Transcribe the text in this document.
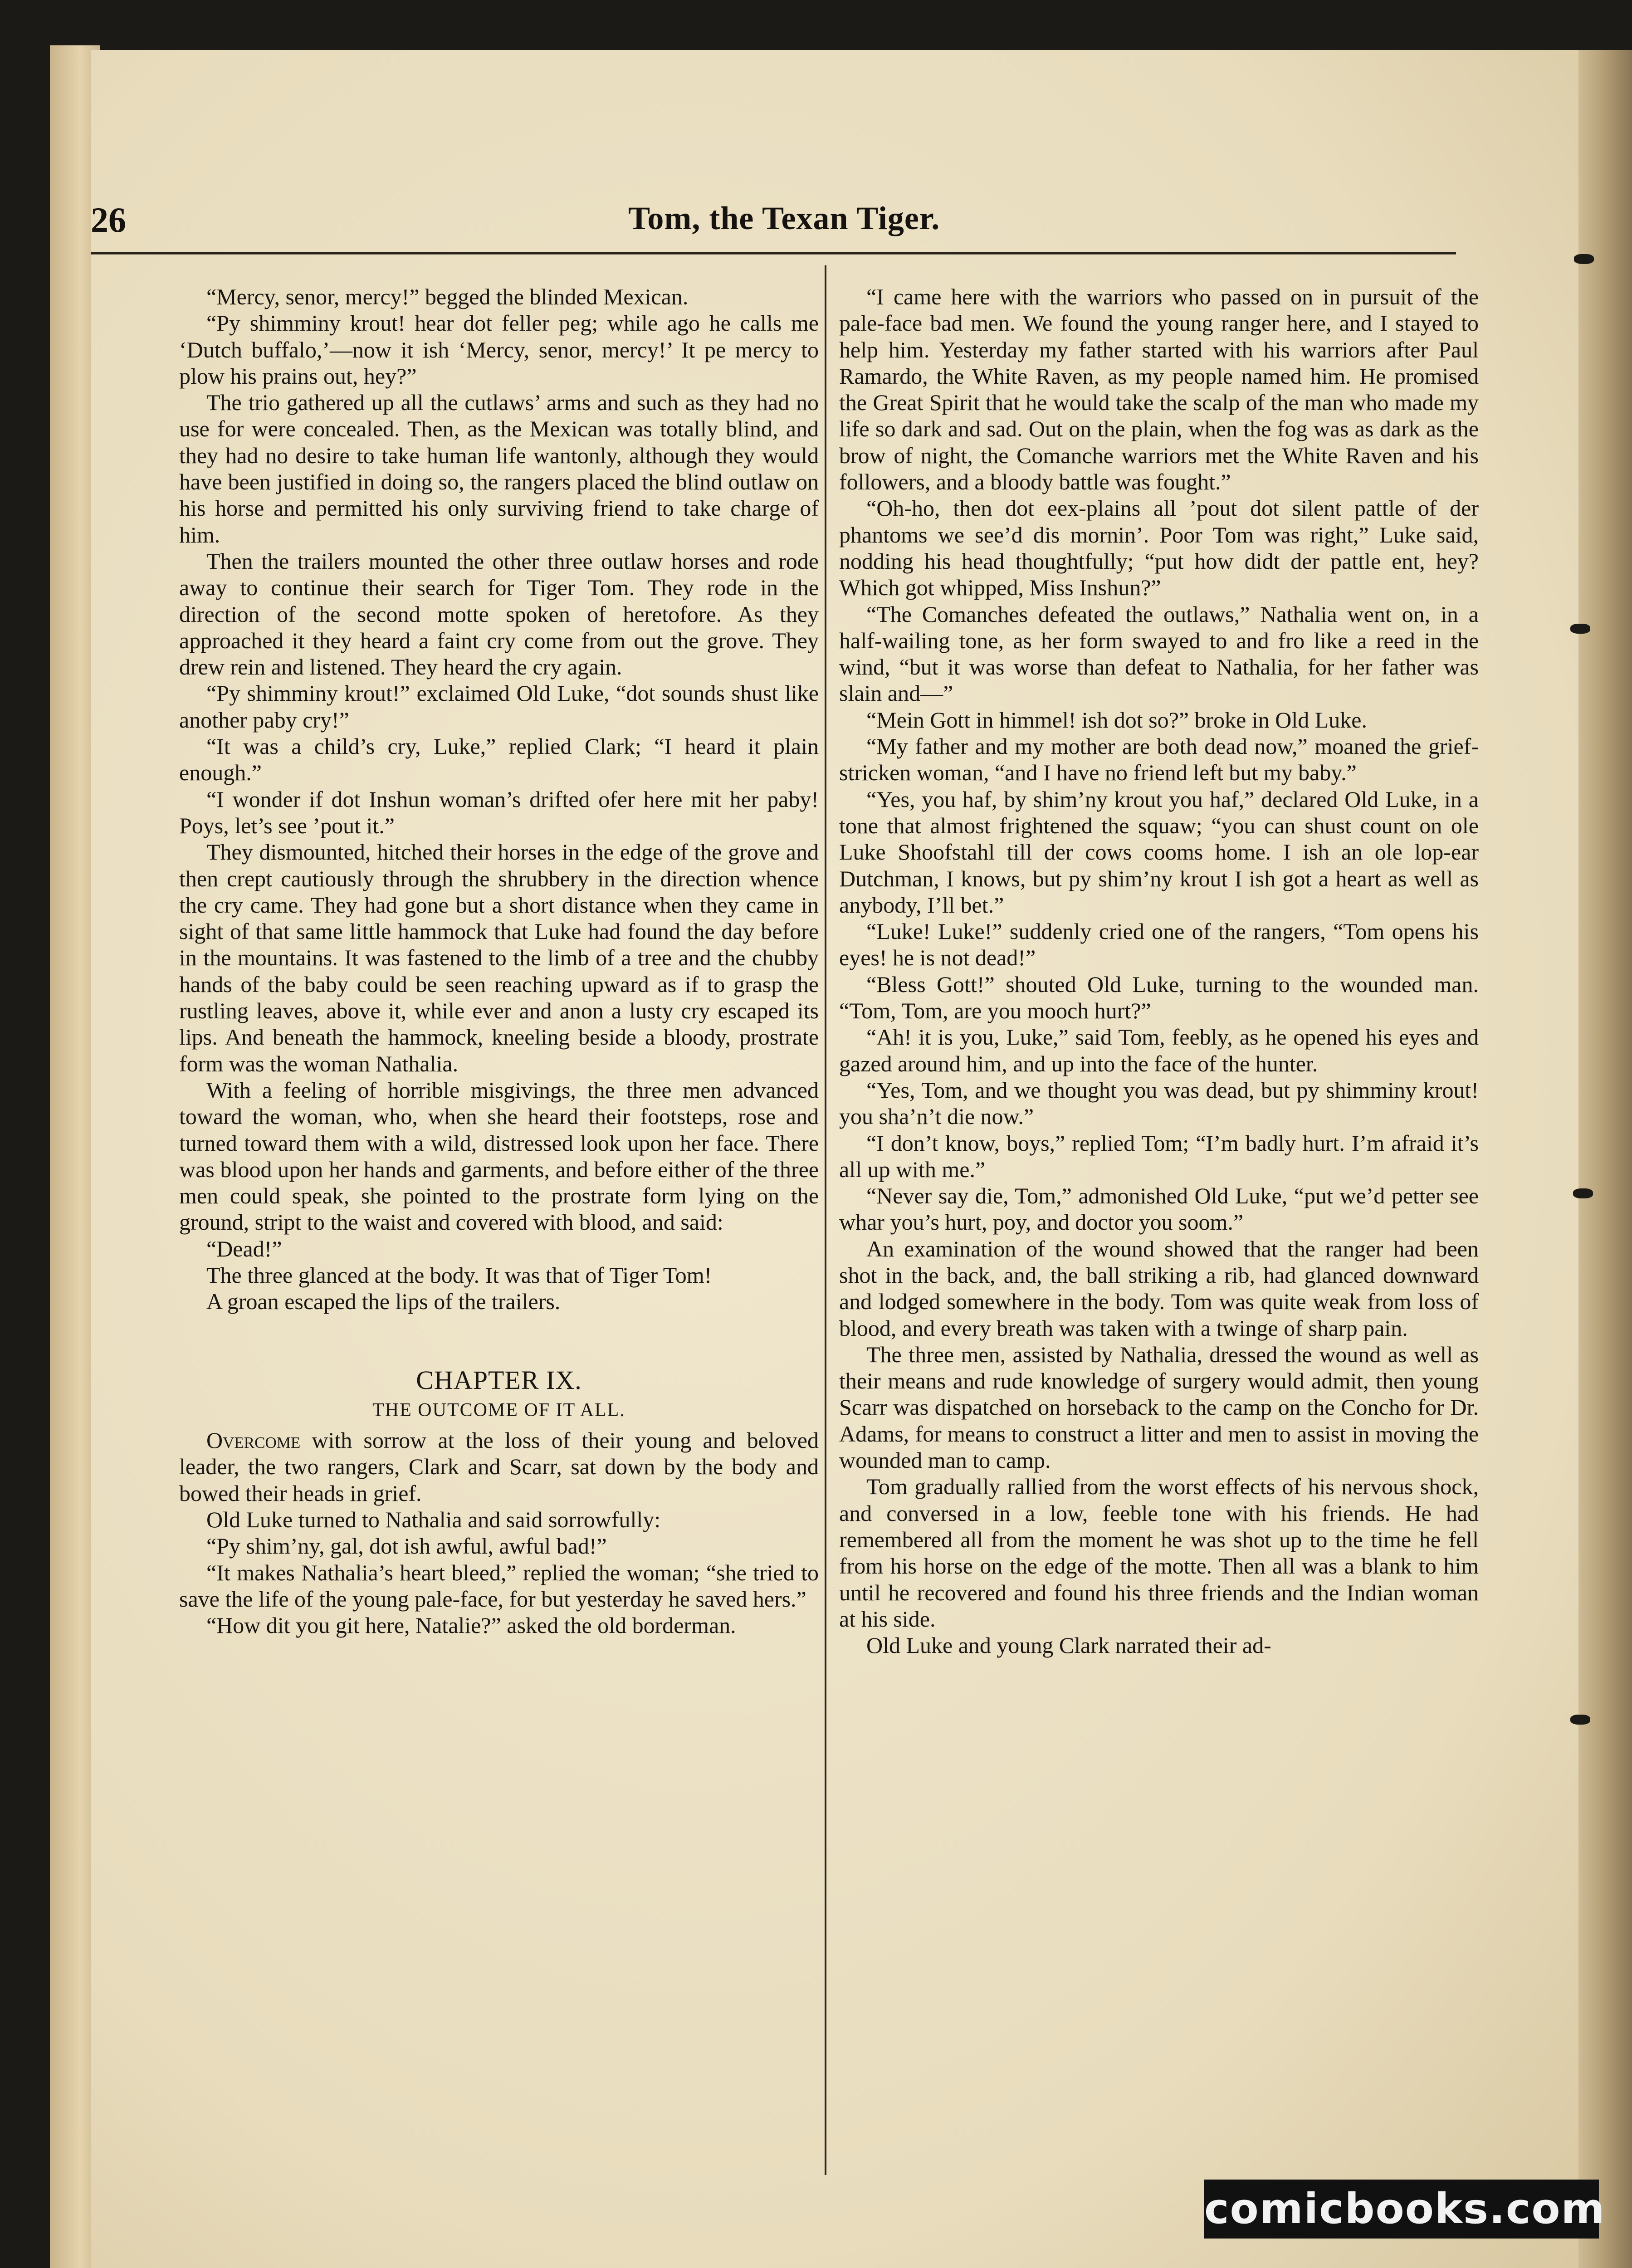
26	Tom, the Texan Tiger.

“Mercy, senor, mercy!” begged the blinded Mexican.

“Py shimminy krout! hear dot feller peg; while ago he calls me ‘Dutch buffalo,’—now it ish ‘Mercy, senor, mercy!’ It pe mercy to plow his prains out, hey?”

The trio gathered up all the cutlaws’ arms and such as they had no use for were concealed. Then, as the Mexican was totally blind, and they had no desire to take human life wantonly, although they would have been justified in doing so, the rangers placed the blind outlaw on his horse and permitted his only surviving friend to take charge of him.

Then the trailers mounted the other three outlaw horses and rode away to continue their search for Tiger Tom. They rode in the direction of the second motte spoken of heretofore. As they approached it they heard a faint cry come from out the grove. They drew rein and listened. They heard the cry again.

“Py shimminy krout!” exclaimed Old Luke, “dot sounds shust like another paby cry!”

“It was a child’s cry, Luke,” replied Clark; “I heard it plain enough.”

“I wonder if dot Inshun woman’s drifted ofer here mit her paby! Poys, let’s see ’pout it.”

They dismounted, hitched their horses in the edge of the grove and then crept cautiously through the shrubbery in the direction whence the cry came. They had gone but a short distance when they came in sight of that same little hammock that Luke had found the day before in the mountains. It was fastened to the limb of a tree and the chubby hands of the baby could be seen reaching upward as if to grasp the rustling leaves, above it, while ever and anon a lusty cry escaped its lips. And beneath the hammock, kneeling beside a bloody, prostrate form was the woman Nathalia.

With a feeling of horrible misgivings, the three men advanced toward the woman, who, when she heard their footsteps, rose and turned toward them with a wild, distressed look upon her face. There was blood upon her hands and garments, and before either of the three men could speak, she pointed to the prostrate form lying on the ground, stript to the waist and covered with blood, and said:

“Dead!”

The three glanced at the body. It was that of Tiger Tom!

A groan escaped the lips of the trailers.

CHAPTER IX.
THE OUTCOME OF IT ALL.

Overcome with sorrow at the loss of their young and beloved leader, the two rangers, Clark and Scarr, sat down by the body and bowed their heads in grief.

Old Luke turned to Nathalia and said sorrowfully:

“Py shim’ny, gal, dot ish awful, awful bad!”

“It makes Nathalia’s heart bleed,” replied the woman; “she tried to save the life of the young pale-face, for but yesterday he saved hers.”

“How dit you git here, Natalie?” asked the old borderman.

“I came here with the warriors who passed on in pursuit of the pale-face bad men. We found the young ranger here, and I stayed to help him. Yesterday my father started with his warriors after Paul Ramardo, the White Raven, as my people named him. He promised the Great Spirit that he would take the scalp of the man who made my life so dark and sad. Out on the plain, when the fog was as dark as the brow of night, the Comanche warriors met the White Raven and his followers, and a bloody battle was fought.”

“Oh-ho, then dot eex-plains all ’pout dot silent pattle of der phantoms we see’d dis mornin’. Poor Tom was right,” Luke said, nodding his head thoughtfully; “put how didt der pattle ent, hey? Which got whipped, Miss Inshun?”

“The Comanches defeated the outlaws,” Nathalia went on, in a half-wailing tone, as her form swayed to and fro like a reed in the wind, “but it was worse than defeat to Nathalia, for her father was slain and—”

“Mein Gott in himmel! ish dot so?” broke in Old Luke.

“My father and my mother are both dead now,” moaned the grief-stricken woman, “and I have no friend left but my baby.”

“Yes, you haf, by shim’ny krout you haf,” declared Old Luke, in a tone that almost frightened the squaw; “you can shust count on ole Luke Shoofstahl till der cows cooms home. I ish an ole lop-ear Dutchman, I knows, but py shim’ny krout I ish got a heart as well as anybody, I’ll bet.”

“Luke! Luke!” suddenly cried one of the rangers, “Tom opens his eyes! he is not dead!”

“Bless Gott!” shouted Old Luke, turning to the wounded man. “Tom, Tom, are you mooch hurt?”

“Ah! it is you, Luke,” said Tom, feebly, as he opened his eyes and gazed around him, and up into the face of the hunter.

“Yes, Tom, and we thought you was dead, but py shimminy krout! you sha’n’t die now.”

“I don’t know, boys,” replied Tom; “I’m badly hurt. I’m afraid it’s all up with me.”

“Never say die, Tom,” admonished Old Luke, “put we’d petter see whar you’s hurt, poy, and doctor you soom.”

An examination of the wound showed that the ranger had been shot in the back, and, the ball striking a rib, had glanced downward and lodged somewhere in the body. Tom was quite weak from loss of blood, and every breath was taken with a twinge of sharp pain.

The three men, assisted by Nathalia, dressed the wound as well as their means and rude knowledge of surgery would admit, then young Scarr was dispatched on horseback to the camp on the Concho for Dr. Adams, for means to construct a litter and men to assist in moving the wounded man to camp.

Tom gradually rallied from the worst effects of his nervous shock, and conversed in a low, feeble tone with his friends. He had remembered all from the moment he was shot up to the time he fell from his horse on the edge of the motte. Then all was a blank to him until he recovered and found his three friends and the Indian woman at his side.

Old Luke and young Clark narrated their ad-

comicbooks.com
